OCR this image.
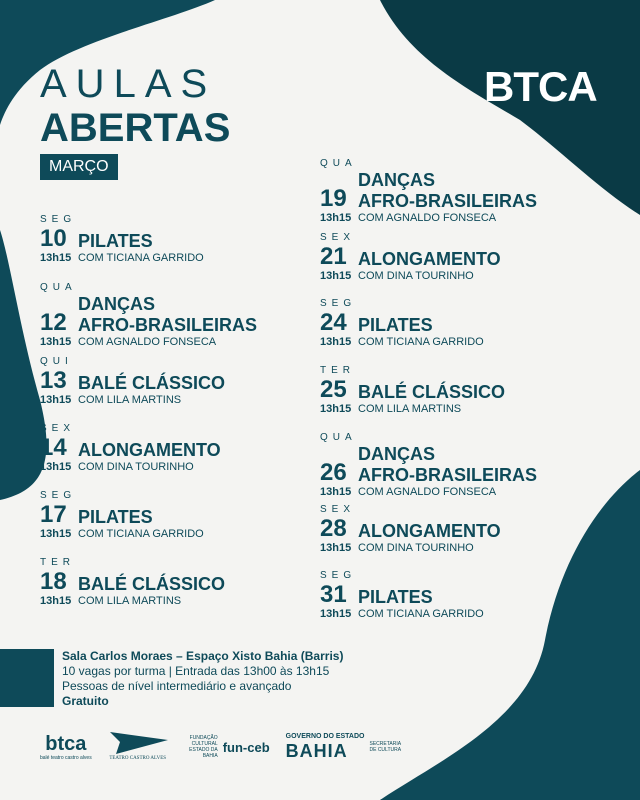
AULAS
ABERTAS
MARÇO
BTCA
SEG
10 PILATES
13h15 COM TICIANA GARRIDO
QUA
12
DANÇAS
AFRO-BRASILEIRAS
13h15 COM AGNALDO FONSECA
QUI
13 BALÉ CLÁSSICO
13h15 COM LILA MARTINS
SEX
14 ALONGAMENTO
13h15 COM DINA TOURINHO
SEG
17 PILATES
13h15 COM TICIANA GARRIDO
TER
18 BALÉ CLÁSSICO
13h15 COM LILA MARTINS
QUA
19
DANÇAS
AFRO-BRASILEIRAS
13h15 COM AGNALDO FONSECA
SEX
21 ALONGAMENTO
13h15 COM DINA TOURINHO
SEG
24 PILATES
13h15 COM TICIANA GARRIDO
TER
25 BALÉ CLÁSSICO
13h15 COM LILA MARTINS
QUA
26
DANÇAS
AFRO-BRASILEIRAS
13h15 COM AGNALDO FONSECA
SEX
28 ALONGAMENTO
13h15 COM DINA TOURINHO
SEG
31 PILATES
13h15 COM TICIANA GARRIDO
Sala Carlos Moraes – Espaço Xisto Bahia (Barris)
10 vagas por turma | Entrada das 13h00 às 13h15
Pessoas de nível intermediário e avançado
Gratuito
btca
balé teatro castro alves	TEATRO CASTRO ALVES
FUNDAÇÃO CULTURAL ESTADO DA BAHIA
fun-ceb
GOVERNO DO ESTADO
BAHIA	SECRETARIA DE CULTURA
